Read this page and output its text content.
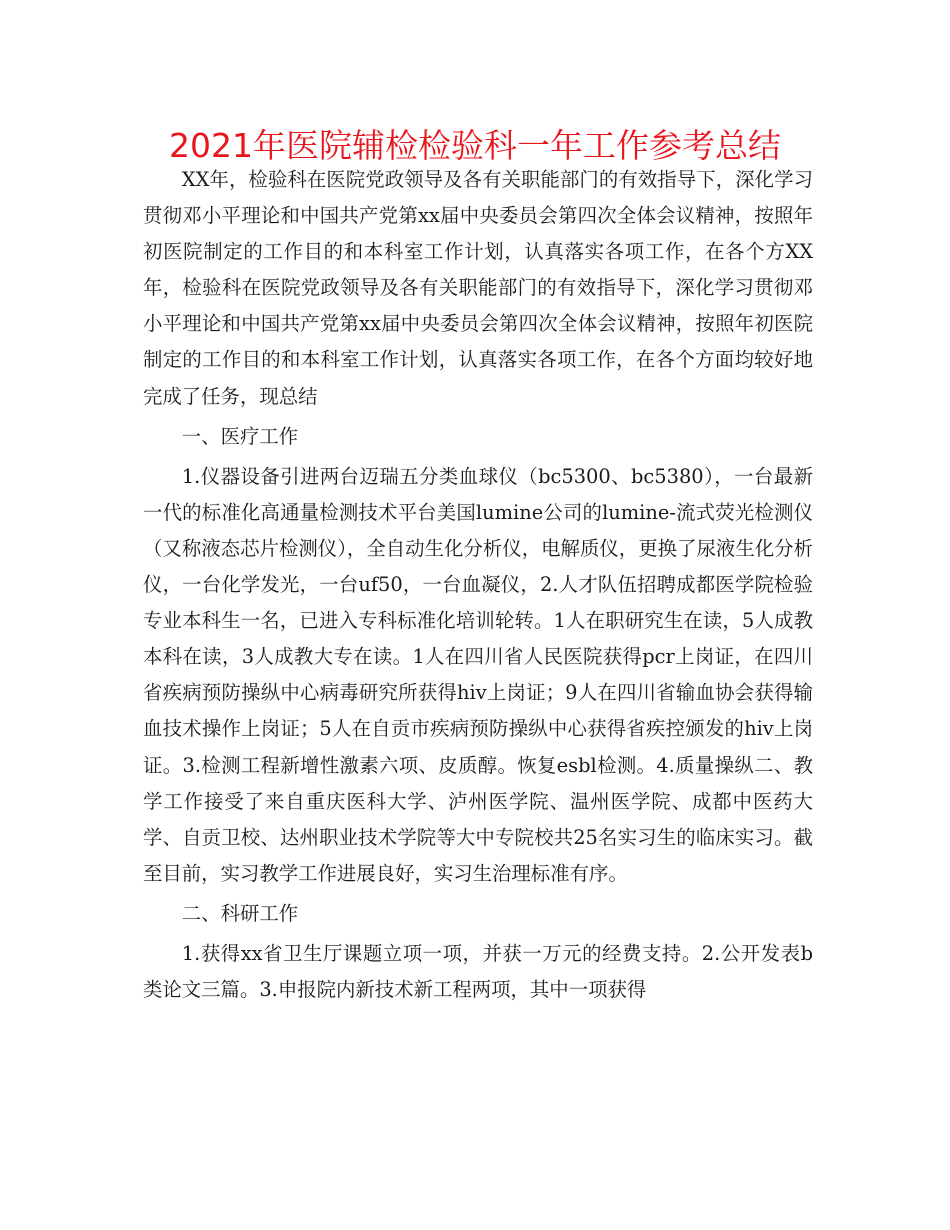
2021年医院辅检检验科一年工作参考总结

XX年，检验科在医院党政领导及各有关职能部门的有效指导下，深化学习贯彻邓小平理论和中国共产党第xx届中央委员会第四次全体会议精神，按照年初医院制定的工作目的和本科室工作计划，认真落实各项工作，在各个方XX年，检验科在医院党政领导及各有关职能部门的有效指导下，深化学习贯彻邓小平理论和中国共产党第xx届中央委员会第四次全体会议精神，按照年初医院制定的工作目的和本科室工作计划，认真落实各项工作，在各个方面均较好地完成了任务，现总结

一、医疗工作

1.仪器设备引进两台迈瑞五分类血球仪（bc5300、bc5380），一台最新一代的标准化高通量检测技术平台美国lumine公司的lumine-流式荧光检测仪（又称液态芯片检测仪），全自动生化分析仪，电解质仪，更换了尿液生化分析仪，一台化学发光，一台uf50，一台血凝仪，2.人才队伍招聘成都医学院检验专业本科生一名，已进入专科标准化培训轮转。1人在职研究生在读，5人成教本科在读，3人成教大专在读。1人在四川省人民医院获得pcr上岗证，在四川省疾病预防操纵中心病毒研究所获得hiv上岗证；9人在四川省输血协会获得输血技术操作上岗证；5人在自贡市疾病预防操纵中心获得省疾控颁发的hiv上岗证。3.检测工程新增性激素六项、皮质醇。恢复esbl检测。4.质量操纵二、教学工作接受了来自重庆医科大学、泸州医学院、温州医学院、成都中医药大学、自贡卫校、达州职业技术学院等大中专院校共25名实习生的临床实习。截至目前，实习教学工作进展良好，实习生治理标准有序。

二、科研工作

1.获得xx省卫生厅课题立项一项，并获一万元的经费支持。2.公开发表b类论文三篇。3.申报院内新技术新工程两项，其中一项获得
